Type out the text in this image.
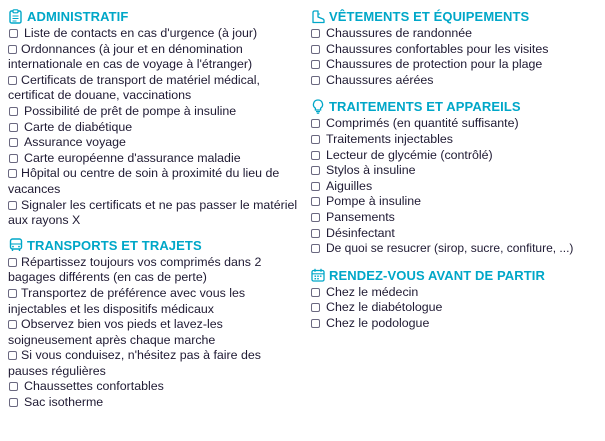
ADMINISTRATIF
Liste de contacts en cas d'urgence (à jour)
Ordonnances (à jour et en dénomination internationale en cas de voyage à l'étranger)
Certificats de transport de matériel médical, certificat de douane, vaccinations
Possibilité de prêt de pompe à insuline
Carte de diabétique
Assurance voyage
Carte européenne d'assurance maladie
Hôpital ou centre de soin à proximité du lieu de vacances
Signaler les certificats et ne pas passer le matériel aux rayons X
TRANSPORTS ET TRAJETS
Répartissez toujours vos comprimés dans 2 bagages différents (en cas de perte)
Transportez de préférence avec vous les injectables et les dispositifs médicaux
Observez bien vos pieds et lavez-les soigneusement après chaque marche
Si vous conduisez, n'hésitez pas à faire des pauses régulières
Chaussettes confortables
Sac isotherme
VÊTEMENTS ET ÉQUIPEMENTS
Chaussures de randonnée
Chaussures confortables pour les visites
Chaussures de protection pour la plage
Chaussures aérées
TRAITEMENTS ET APPAREILS
Comprimés (en quantité suffisante)
Traitements injectables
Lecteur de glycémie (contrôlé)
Stylos à insuline
Aiguilles
Pompe à insuline
Pansements
Désinfectant
De quoi se resucrer (sirop, sucre, confiture, ...)
RENDEZ-VOUS AVANT DE PARTIR
Chez le médecin
Chez le diabétologue
Chez le podologue
